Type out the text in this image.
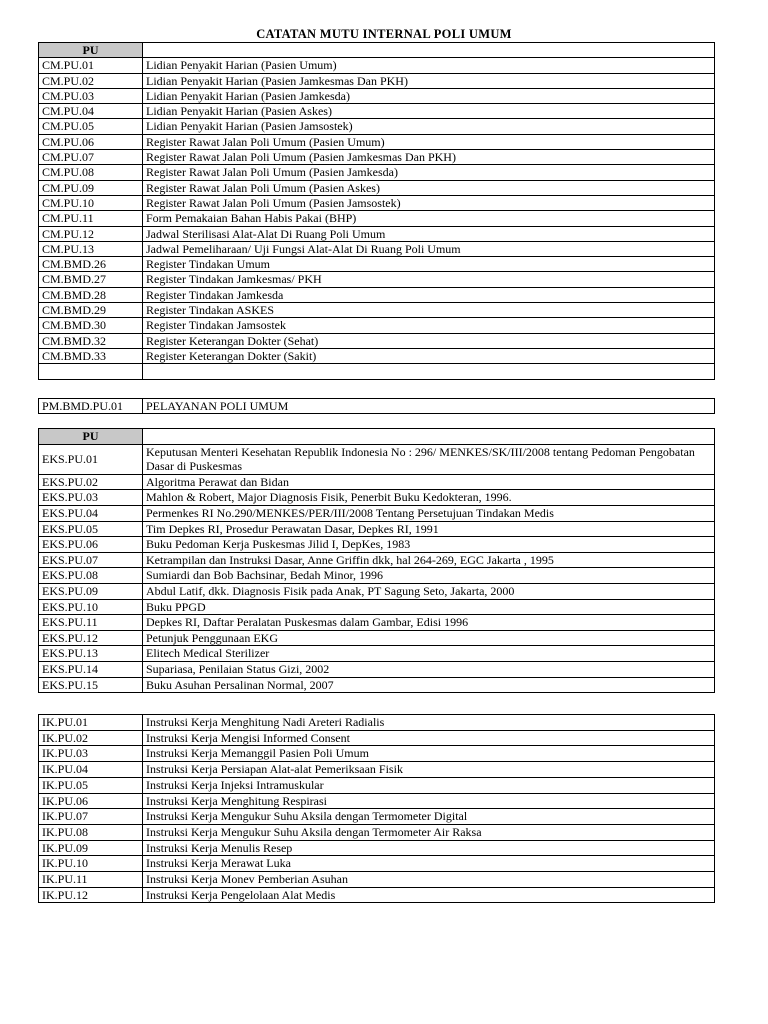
CATATAN MUTU INTERNAL POLI UMUM
PU	
CM.PU.01	Lidian Penyakit Harian (Pasien Umum)
CM.PU.02	Lidian Penyakit Harian (Pasien Jamkesmas Dan PKH)
CM.PU.03	Lidian Penyakit Harian (Pasien Jamkesda)
CM.PU.04	Lidian Penyakit Harian (Pasien Askes)
CM.PU.05	Lidian Penyakit Harian (Pasien Jamsostek)
CM.PU.06	Register Rawat Jalan Poli Umum (Pasien Umum)
CM.PU.07	Register Rawat Jalan Poli Umum (Pasien Jamkesmas Dan PKH)
CM.PU.08	Register Rawat Jalan Poli Umum (Pasien Jamkesda)
CM.PU.09	Register Rawat Jalan Poli Umum (Pasien Askes)
CM.PU.10	Register Rawat Jalan Poli Umum (Pasien Jamsostek)
CM.PU.11	Form Pemakaian Bahan Habis Pakai (BHP)
CM.PU.12	Jadwal Sterilisasi Alat-Alat Di Ruang Poli Umum
CM.PU.13	Jadwal Pemeliharaan/ Uji Fungsi Alat-Alat Di Ruang Poli Umum
CM.BMD.26	Register Tindakan Umum
CM.BMD.27	Register Tindakan Jamkesmas/ PKH
CM.BMD.28	Register Tindakan Jamkesda
CM.BMD.29	Register Tindakan ASKES
CM.BMD.30	Register Tindakan Jamsostek
CM.BMD.32	Register Keterangan Dokter (Sehat)
CM.BMD.33	Register Keterangan Dokter (Sakit)

PM.BMD.PU.01	PELAYANAN POLI UMUM
PU	
EKS.PU.01	Keputusan Menteri Kesehatan Republik Indonesia No : 296/ MENKES/SK/III/2008 tentang Pedoman Pengobatan Dasar di Puskesmas
EKS.PU.02	Algoritma Perawat dan Bidan
EKS.PU.03	Mahlon & Robert, Major Diagnosis Fisik, Penerbit Buku Kedokteran, 1996.
EKS.PU.04	Permenkes RI No.290/MENKES/PER/III/2008 Tentang Persetujuan Tindakan Medis
EKS.PU.05	Tim Depkes RI, Prosedur Perawatan Dasar, Depkes RI, 1991
EKS.PU.06	Buku Pedoman Kerja Puskesmas Jilid I, DepKes, 1983
EKS.PU.07	Ketrampilan dan Instruksi Dasar, Anne Griffin dkk, hal 264-269, EGC Jakarta , 1995
EKS.PU.08	Sumiardi dan Bob Bachsinar, Bedah Minor, 1996
EKS.PU.09	Abdul Latif, dkk. Diagnosis Fisik pada Anak, PT Sagung Seto, Jakarta, 2000
EKS.PU.10	Buku PPGD
EKS.PU.11	Depkes RI, Daftar Peralatan Puskesmas dalam Gambar, Edisi 1996
EKS.PU.12	Petunjuk Penggunaan EKG
EKS.PU.13	Elitech Medical Sterilizer
EKS.PU.14	Supariasa, Penilaian Status Gizi, 2002
EKS.PU.15	Buku Asuhan Persalinan Normal, 2007
IK.PU.01	Instruksi Kerja Menghitung Nadi Areteri Radialis
IK.PU.02	Instruksi Kerja Mengisi Informed Consent
IK.PU.03	Instruksi Kerja Memanggil Pasien Poli Umum
IK.PU.04	Instruksi Kerja Persiapan Alat-alat Pemeriksaan Fisik
IK.PU.05	Instruksi Kerja Injeksi Intramuskular
IK.PU.06	Instruksi Kerja Menghitung Respirasi
IK.PU.07	Instruksi Kerja Mengukur Suhu Aksila dengan Termometer Digital
IK.PU.08	Instruksi Kerja Mengukur Suhu Aksila dengan Termometer Air Raksa
IK.PU.09	Instruksi Kerja Menulis Resep
IK.PU.10	Instruksi Kerja Merawat Luka
IK.PU.11	Instruksi Kerja Monev Pemberian Asuhan
IK.PU.12	Instruksi Kerja Pengelolaan Alat Medis
